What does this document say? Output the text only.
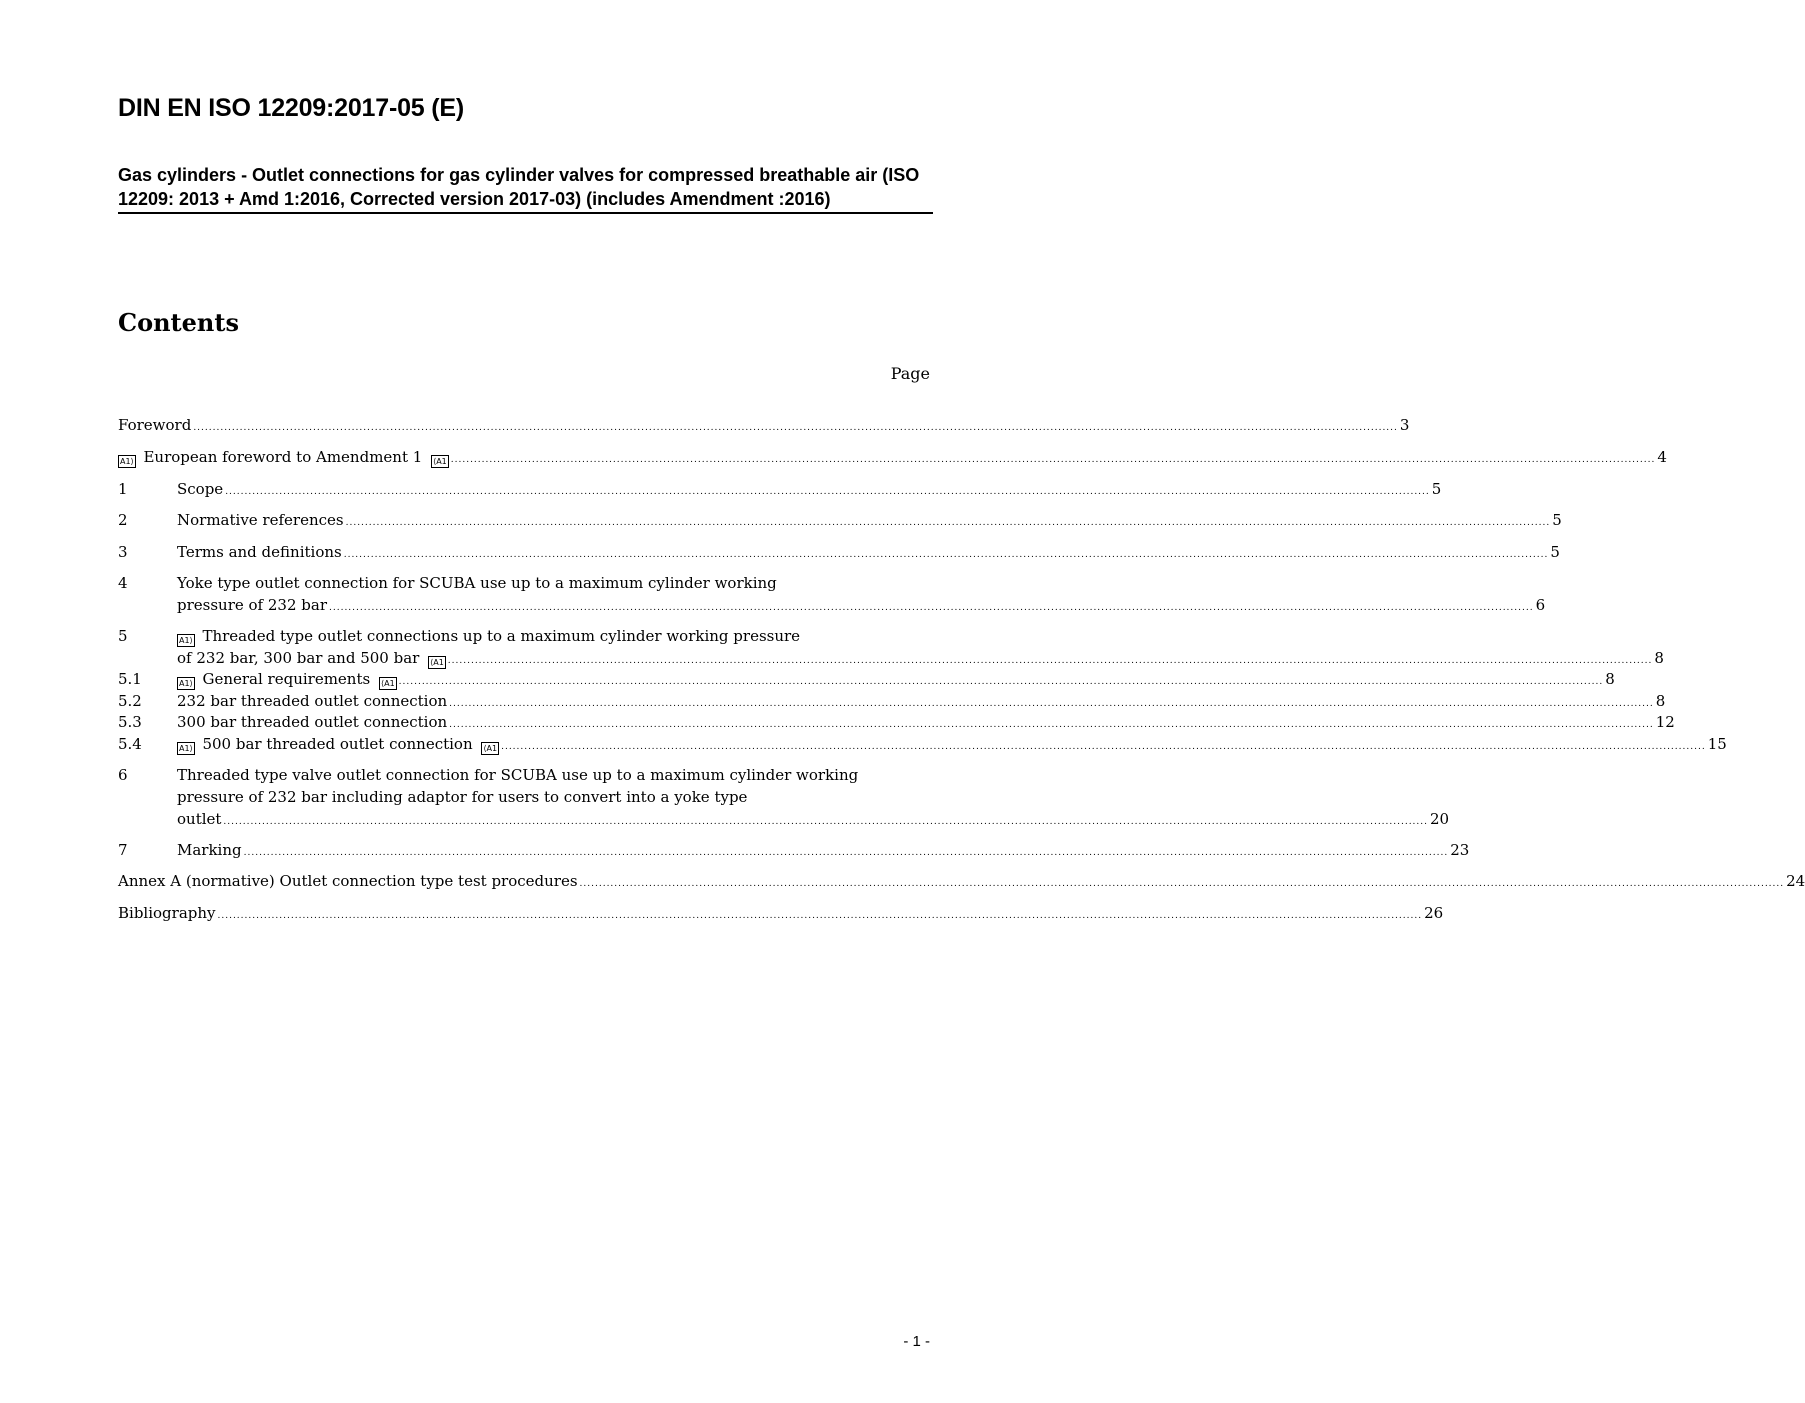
DIN EN ISO 12209:2017-05 (E)
Gas cylinders - Outlet connections for gas cylinder valves for compressed breathable air (ISO 12209: 2013 + Amd 1:2016, Corrected version 2017-03) (includes Amendment :2016)
Contents
Page
Foreword ........................................................................................................................................................................................................................................................................................................................ 3
A1⟩ European foreword to Amendment 1 ⟨A1 ........................................................................................................................................................................................................................................................................................................................ 4
1	Scope ........................................................................................................................................................................................................................................................................................................................ 5
2	Normative references ........................................................................................................................................................................................................................................................................................................................ 5
3	Terms and definitions ........................................................................................................................................................................................................................................................................................................................ 5
4	Yoke type outlet connection for SCUBA use up to a maximum cylinder working
pressure of 232 bar ........................................................................................................................................................................................................................................................................................................................ 6
5	A1⟩ Threaded type outlet connections up to a maximum cylinder working pressure
of 232 bar, 300 bar and 500 bar ⟨A1 ........................................................................................................................................................................................................................................................................................................................ 8
5.1	A1⟩ General requirements ⟨A1 ........................................................................................................................................................................................................................................................................................................................ 8
5.2 232 bar threaded outlet connection ........................................................................................................................................................................................................................................................................................................................ 8
5.3 300 bar threaded outlet connection ........................................................................................................................................................................................................................................................................................................................ 12
5.4	A1⟩ 500 bar threaded outlet connection ⟨A1 ........................................................................................................................................................................................................................................................................................................................ 15
6	Threaded type valve outlet connection for SCUBA use up to a maximum cylinder working pressure of 232 bar including adaptor for users to convert into a yoke type
outlet ........................................................................................................................................................................................................................................................................................................................ 20
7	Marking ........................................................................................................................................................................................................................................................................................................................ 23
Annex A (normative) Outlet connection type test procedures ........................................................................................................................................................................................................................................................................................................................ 24
Bibliography ........................................................................................................................................................................................................................................................................................................................ 26
- 1 -
